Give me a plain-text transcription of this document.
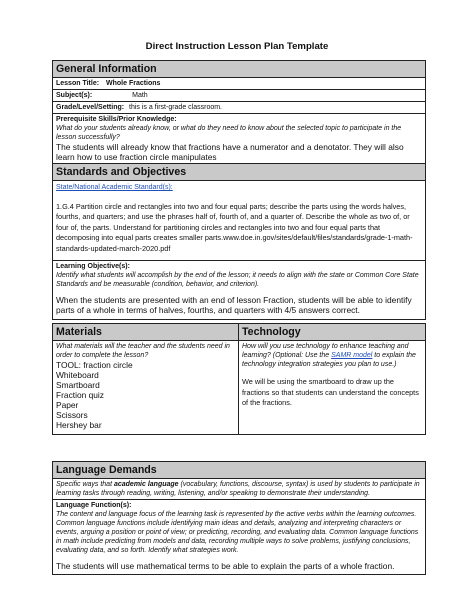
Direct Instruction Lesson Plan Template
General Information
Lesson Title: Whole Fractions
Subject(s):	Math
Grade/Level/Setting: this is a first-grade classroom.

Prerequisite Skills/Prior Knowledge:

What do your students already know, or what do they need to know about the selected topic to participate in the lesson successfully?

The students will already know that fractions have a numerator and a denotator. They will also learn how to use fraction circle manipulates

Standards and Objectives

State/National Academic Standard(s):

1.G.4 Partition circle and rectangles into two and four equal parts; describe the parts using the words halves, fourths, and quarters; and use the phrases half of, fourth of, and a quarter of. Describe the whole as two of, or four of, the parts. Understand for partitioning circles and rectangles into two and four equal parts that decomposing into equal parts creates smaller parts.www.doe.in.gov/sites/default/files/standards/grade-1-math-standards-updated-march-2020.pdf

Learning Objective(s):

Identify what students will accomplish by the end of the lesson; it needs to align with the state or Common Core State Standards and be measurable (condition, behavior, and criterion).

When the students are presented with an end of lesson Fraction, students will be able to identify parts of a whole in terms of halves, fourths, and quarters with 4/5 answers correct.

Materials	Technology

What materials will the teacher and the students need in order to complete the lesson?

TOOL: fraction circle

Whiteboard

Smartboard

Fraction quiz

Paper

Scissors

Hershey bar

How will you use technology to enhance teaching and learning? (Optional: Use the SAMR model to explain the technology integration strategies you plan to use.)

We will be using the smartboard to draw up the fractions so that students can understand the concepts of the fractions.

Language Demands

Specific ways that academic language (vocabulary, functions, discourse, syntax) is used by students to participate in learning tasks through reading, writing, listening, and/or speaking to demonstrate their understanding.

Language Function(s):

The content and language focus of the learning task is represented by the active verbs within the learning outcomes. Common language functions include identifying main ideas and details, analyzing and interpreting characters or events, arguing a position or point of view; or predicting, recording, and evaluating data. Common language functions in math include predicting from models and data, recording multiple ways to solve problems, justifying conclusions, evaluating data, and so forth. Identify what strategies work.

The students will use mathematical terms to be able to explain the parts of a whole fraction.
